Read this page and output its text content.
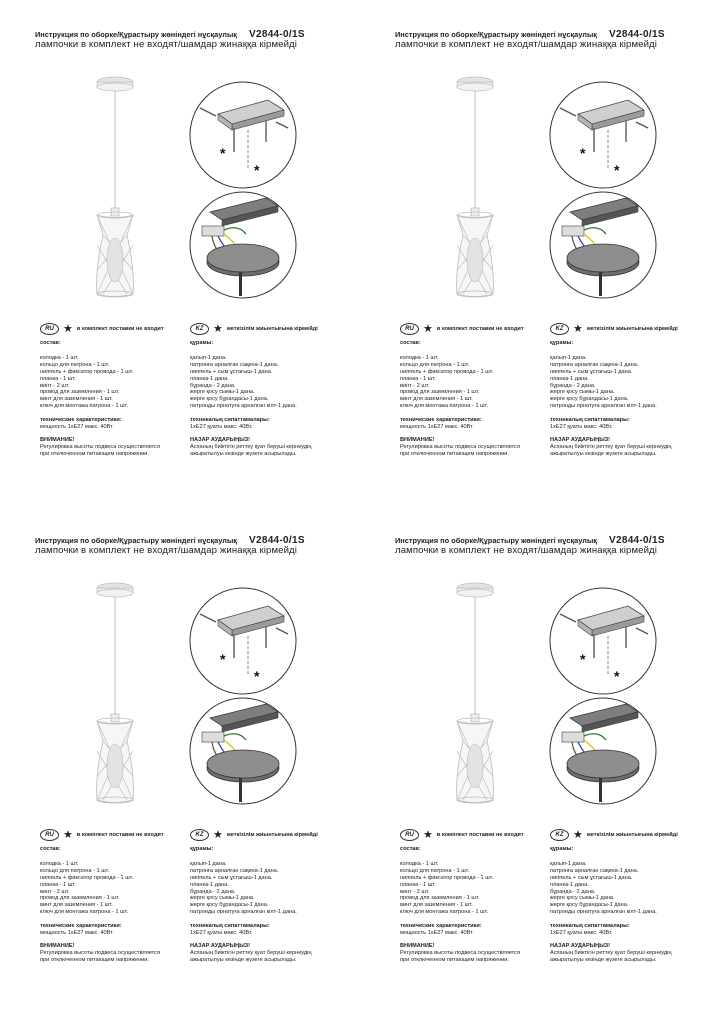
Инструкция по оборке/Құрастыру жөніндегі нұсқаулық V2844-0/1S
лампочки в комплект не входят/шамдар жинаққа кірмейді
*
*
RU ★ в комплект поставки не входит
состав:
колодка - 1 шт.
кольцо для патрона - 1 шт.
ниппель + фиксатор провода - 1 шт.
планка - 1 шт.
винт - 2 шт.
провод для заземления - 1 шт.
винт для заземления - 1 шт.
ключ для монтажа патрона - 1 шт.
технические характеристики:
мощность 1xE27 макс. 40Вт
ВНИМАНИЕ!
Регулировка высоты подвеса осуществляется
при отключенном питающем напряжении.
KZ ★ жеткізілім жиынтығына кірмейді
құрамы:
қалып-1 дана.
патронға арналған сақина-1 дана.
ниппель + сым ұстағыш-1 дана.
планка-1 дана.
бұранда - 2 дана.
жерге қосу сымы-1 дана.
жерге қосу бұрандасы-1 дана.
патронды орнатуға арналған кілт-1 дана.
техникалық сипаттамалары:
1xE27 қуаты макс. 40Вт.
НАЗАР АУДАРЫҢЫЗ!
Аспаның биіктігін реттеу қуат беруші кернеудің
ажыратылуы кезінде жүзеге асырылады.
Инструкция по оборке/Құрастыру жөніндегі нұсқаулық V2844-0/1S
лампочки в комплект не входят/шамдар жинаққа кірмейді
*
*
RU ★ в комплект поставки не входит
состав:
колодка - 1 шт.
кольцо для патрона - 1 шт.
ниппель + фиксатор провода - 1 шт.
планка - 1 шт.
винт - 2 шт.
провод для заземления - 1 шт.
винт для заземления - 1 шт.
ключ для монтажа патрона - 1 шт.
технические характеристики:
мощность 1xE27 макс. 40Вт
ВНИМАНИЕ!
Регулировка высоты подвеса осуществляется
при отключенном питающем напряжении.
KZ ★ жеткізілім жиынтығына кірмейді
құрамы:
қалып-1 дана.
патронға арналған сақина-1 дана.
ниппель + сым ұстағыш-1 дана.
планка-1 дана.
бұранда - 2 дана.
жерге қосу сымы-1 дана.
жерге қосу бұрандасы-1 дана.
патронды орнатуға арналған кілт-1 дана.
техникалық сипаттамалары:
1xE27 қуаты макс. 40Вт.
НАЗАР АУДАРЫҢЫЗ!
Аспаның биіктігін реттеу қуат беруші кернеудің
ажыратылуы кезінде жүзеге асырылады.
Инструкция по оборке/Құрастыру жөніндегі нұсқаулық V2844-0/1S
лампочки в комплект не входят/шамдар жинаққа кірмейді
*
*
RU ★ в комплект поставки не входит
состав:
колодка - 1 шт.
кольцо для патрона - 1 шт.
ниппель + фиксатор провода - 1 шт.
планка - 1 шт.
винт - 2 шт.
провод для заземления - 1 шт.
винт для заземления - 1 шт.
ключ для монтажа патрона - 1 шт.
технические характеристики:
мощность 1xE27 макс. 40Вт
ВНИМАНИЕ!
Регулировка высоты подвеса осуществляется
при отключенном питающем напряжении.
KZ ★ жеткізілім жиынтығына кірмейді
құрамы:
қалып-1 дана.
патронға арналған сақина-1 дана.
ниппель + сым ұстағыш-1 дана.
планка-1 дана.
бұранда - 2 дана.
жерге қосу сымы-1 дана.
жерге қосу бұрандасы-1 дана.
патронды орнатуға арналған кілт-1 дана.
техникалық сипаттамалары:
1xE27 қуаты макс. 40Вт.
НАЗАР АУДАРЫҢЫЗ!
Аспаның биіктігін реттеу қуат беруші кернеудің
ажыратылуы кезінде жүзеге асырылады.
Инструкция по оборке/Құрастыру жөніндегі нұсқаулық V2844-0/1S
лампочки в комплект не входят/шамдар жинаққа кірмейді
*
*
RU ★ в комплект поставки не входит
состав:
колодка - 1 шт.
кольцо для патрона - 1 шт.
ниппель + фиксатор провода - 1 шт.
планка - 1 шт.
винт - 2 шт.
провод для заземления - 1 шт.
винт для заземления - 1 шт.
ключ для монтажа патрона - 1 шт.
технические характеристики:
мощность 1xE27 макс. 40Вт
ВНИМАНИЕ!
Регулировка высоты подвеса осуществляется
при отключенном питающем напряжении.
KZ ★ жеткізілім жиынтығына кірмейді
құрамы:
қалып-1 дана.
патронға арналған сақина-1 дана.
ниппель + сым ұстағыш-1 дана.
планка-1 дана.
бұранда - 2 дана.
жерге қосу сымы-1 дана.
жерге қосу бұрандасы-1 дана.
патронды орнатуға арналған кілт-1 дана.
техникалық сипаттамалары:
1xE27 қуаты макс. 40Вт.
НАЗАР АУДАРЫҢЫЗ!
Аспаның биіктігін реттеу қуат беруші кернеудің
ажыратылуы кезінде жүзеге асырылады.
